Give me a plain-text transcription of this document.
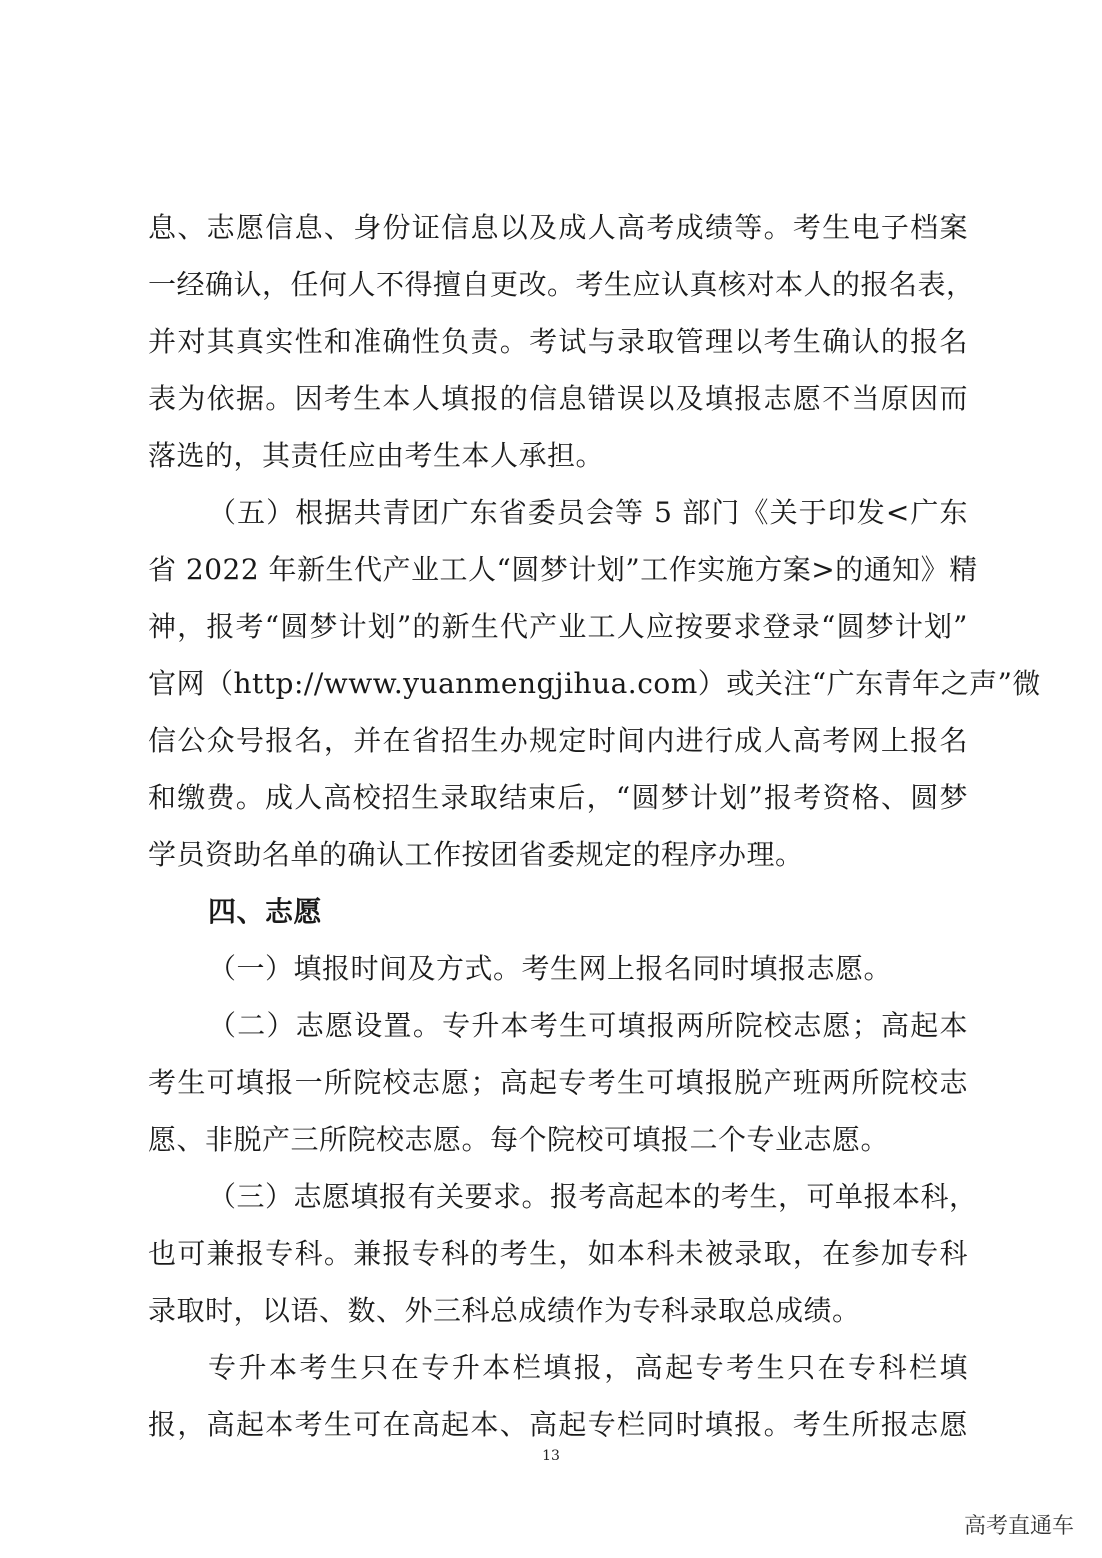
息、志愿信息、身份证信息以及成人高考成绩等。考生电子档案
一经确认，任何人不得擅自更改。考生应认真核对本人的报名表，
并对其真实性和准确性负责。考试与录取管理以考生确认的报名
表为依据。因考生本人填报的信息错误以及填报志愿不当原因而
落选的，其责任应由考生本人承担。
（五）根据共青团广东省委员会等 5 部门《关于印发<广东
省 2022 年新生代产业工人“圆梦计划”工作实施方案>的通知》精
神，报考“圆梦计划”的新生代产业工人应按要求登录“圆梦计划”
官网（http://www.yuanmengjihua.com）或关注“广东青年之声”微
信公众号报名，并在省招生办规定时间内进行成人高考网上报名
和缴费。成人高校招生录取结束后，“圆梦计划”报考资格、圆梦
学员资助名单的确认工作按团省委规定的程序办理。
四、志愿
（一）填报时间及方式。考生网上报名同时填报志愿。
（二）志愿设置。专升本考生可填报两所院校志愿；高起本
考生可填报一所院校志愿；高起专考生可填报脱产班两所院校志
愿、非脱产三所院校志愿。每个院校可填报二个专业志愿。
（三）志愿填报有关要求。报考高起本的考生，可单报本科，
也可兼报专科。兼报专科的考生，如本科未被录取，在参加专科
录取时，以语、数、外三科总成绩作为专科录取总成绩。
专升本考生只在专升本栏填报，高起专考生只在专科栏填
报，高起本考生可在高起本、高起专栏同时填报。考生所报志愿
13
高考直通车
